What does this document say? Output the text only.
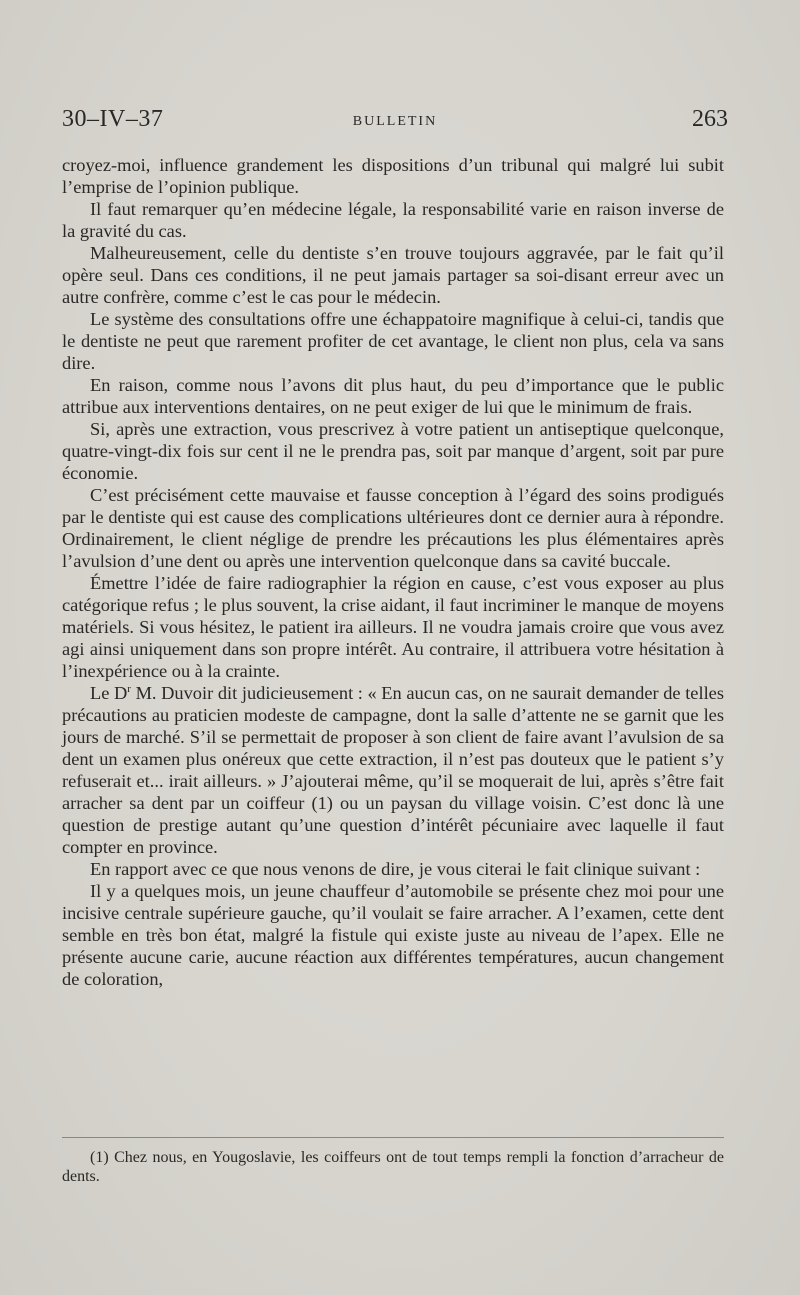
30–IV–37	BULLETIN	263

croyez-moi, influence grandement les dispositions d’un tribunal qui malgré lui subit l’emprise de l’opinion publique.

Il faut remarquer qu’en médecine légale, la responsabilité varie en raison inverse de la gravité du cas.

Malheureusement, celle du dentiste s’en trouve toujours aggravée, par le fait qu’il opère seul. Dans ces conditions, il ne peut jamais partager sa soi-disant erreur avec un autre confrère, comme c’est le cas pour le médecin.

Le système des consultations offre une échappatoire magnifique à celui-ci, tandis que le dentiste ne peut que rarement profiter de cet avantage, le client non plus, cela va sans dire.

En raison, comme nous l’avons dit plus haut, du peu d’importance que le public attribue aux interventions dentaires, on ne peut exiger de lui que le minimum de frais.

Si, après une extraction, vous prescrivez à votre patient un antiseptique quelconque, quatre-vingt-dix fois sur cent il ne le prendra pas, soit par manque d’argent, soit par pure économie.

C’est précisément cette mauvaise et fausse conception à l’égard des soins prodigués par le dentiste qui est cause des complications ultérieures dont ce dernier aura à répondre. Ordinairement, le client néglige de prendre les précautions les plus élémentaires après l’avulsion d’une dent ou après une intervention quelconque dans sa cavité buccale.

Émettre l’idée de faire radiographier la région en cause, c’est vous exposer au plus catégorique refus ; le plus souvent, la crise aidant, il faut incriminer le manque de moyens matériels. Si vous hésitez, le patient ira ailleurs. Il ne voudra jamais croire que vous avez agi ainsi uniquement dans son propre intérêt. Au contraire, il attribuera votre hésitation à l’inexpérience ou à la crainte.

Le $D^r$ M. Duvoir dit judicieusement : « En aucun cas, on ne saurait demander de telles précautions au praticien modeste de campagne, dont la salle d’attente ne se garnit que les jours de marché. S’il se permettait de proposer à son client de faire avant l’avulsion de sa dent un examen plus onéreux que cette extraction, il n’est pas douteux que le patient s’y refuserait et... irait ailleurs. » J’ajouterai même, qu’il se moquerait de lui, après s’être fait arracher sa dent par un coiffeur (1) ou un paysan du village voisin. C’est donc là une question de prestige autant qu’une question d’intérêt pécuniaire avec laquelle il faut compter en province.

En rapport avec ce que nous venons de dire, je vous citerai le fait clinique suivant :

Il y a quelques mois, un jeune chauffeur d’automobile se présente chez moi pour une incisive centrale supérieure gauche, qu’il voulait se faire arracher. A l’examen, cette dent semble en très bon état, malgré la fistule qui existe juste au niveau de l’apex. Elle ne présente aucune carie, aucune réaction aux différentes températures, aucun changement de coloration,

(1) Chez nous, en Yougoslavie, les coiffeurs ont de tout temps rempli la fonction d’arracheur de dents.
